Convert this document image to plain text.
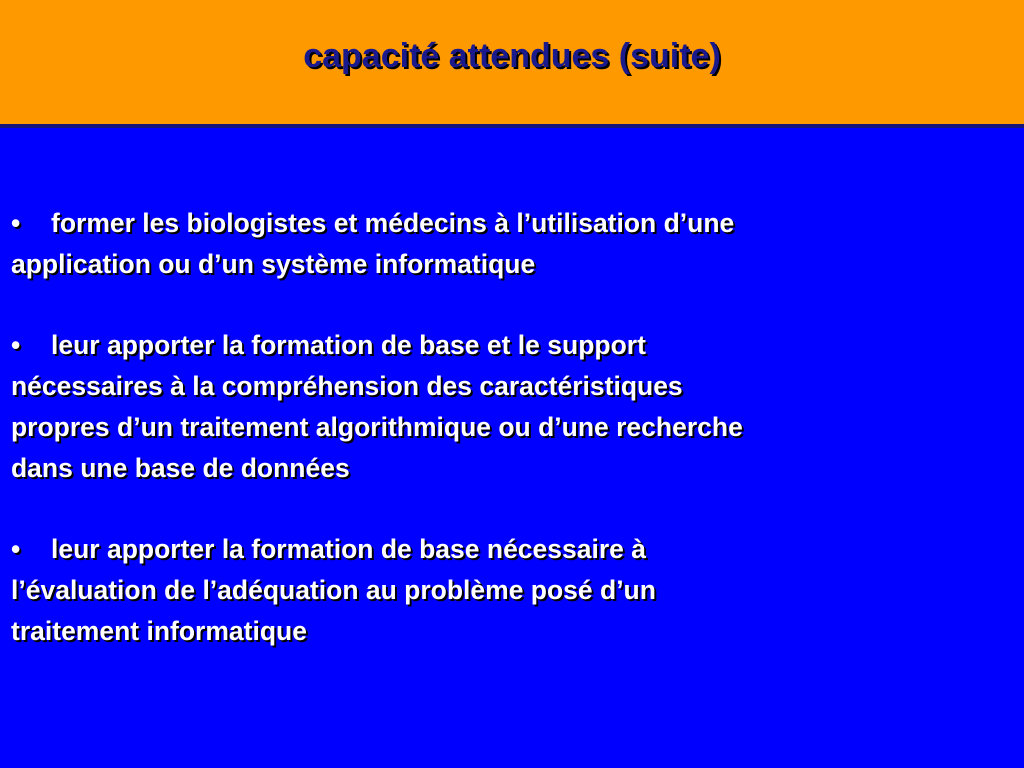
capacité attendues (suite)
• former les biologistes et médecins à l’utilisation d’une
application ou d’un système informatique
• leur apporter la formation de base et le support
nécessaires à la compréhension des caractéristiques
propres d’un traitement algorithmique ou d’une recherche
dans une base de données
• leur apporter la formation de base nécessaire à
l’évaluation de l’adéquation au problème posé d’un
traitement informatique
